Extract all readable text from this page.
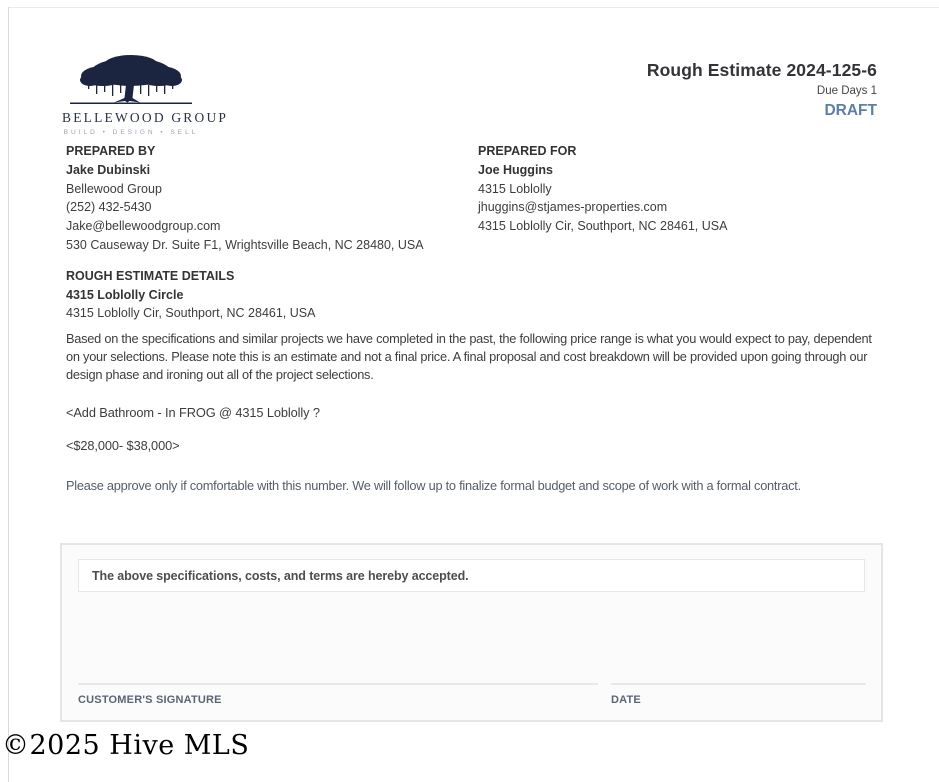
BELLEWOOD GROUP
BUILD • DESIGN • SELL
Rough Estimate 2024-125-6
Due Days 1
DRAFT
PREPARED BY
Jake Dubinski
Bellewood Group
(252) 432-5430
Jake@bellewoodgroup.com
530 Causeway Dr. Suite F1, Wrightsville Beach, NC 28480, USA
PREPARED FOR
Joe Huggins
4315 Loblolly
jhuggins@stjames-properties.com
4315 Loblolly Cir, Southport, NC 28461, USA
ROUGH ESTIMATE DETAILS
4315 Loblolly Circle
4315 Loblolly Cir, Southport, NC 28461, USA

Based on the specifications and similar projects we have completed in the past, the following price range is what you would expect to pay, dependent on your selections. Please note this is an estimate and not a final price. A final proposal and cost breakdown will be provided upon going through our design phase and ironing out all of the project selections.

<Add Bathroom - In FROG @ 4315 Loblolly ?

<$28,000- $38,000>

Please approve only if comfortable with this number. We will follow up to finalize formal budget and scope of work with a formal contract.

The above specifications, costs, and terms are hereby accepted.
CUSTOMER'S SIGNATURE	DATE
©2025 Hive MLS
